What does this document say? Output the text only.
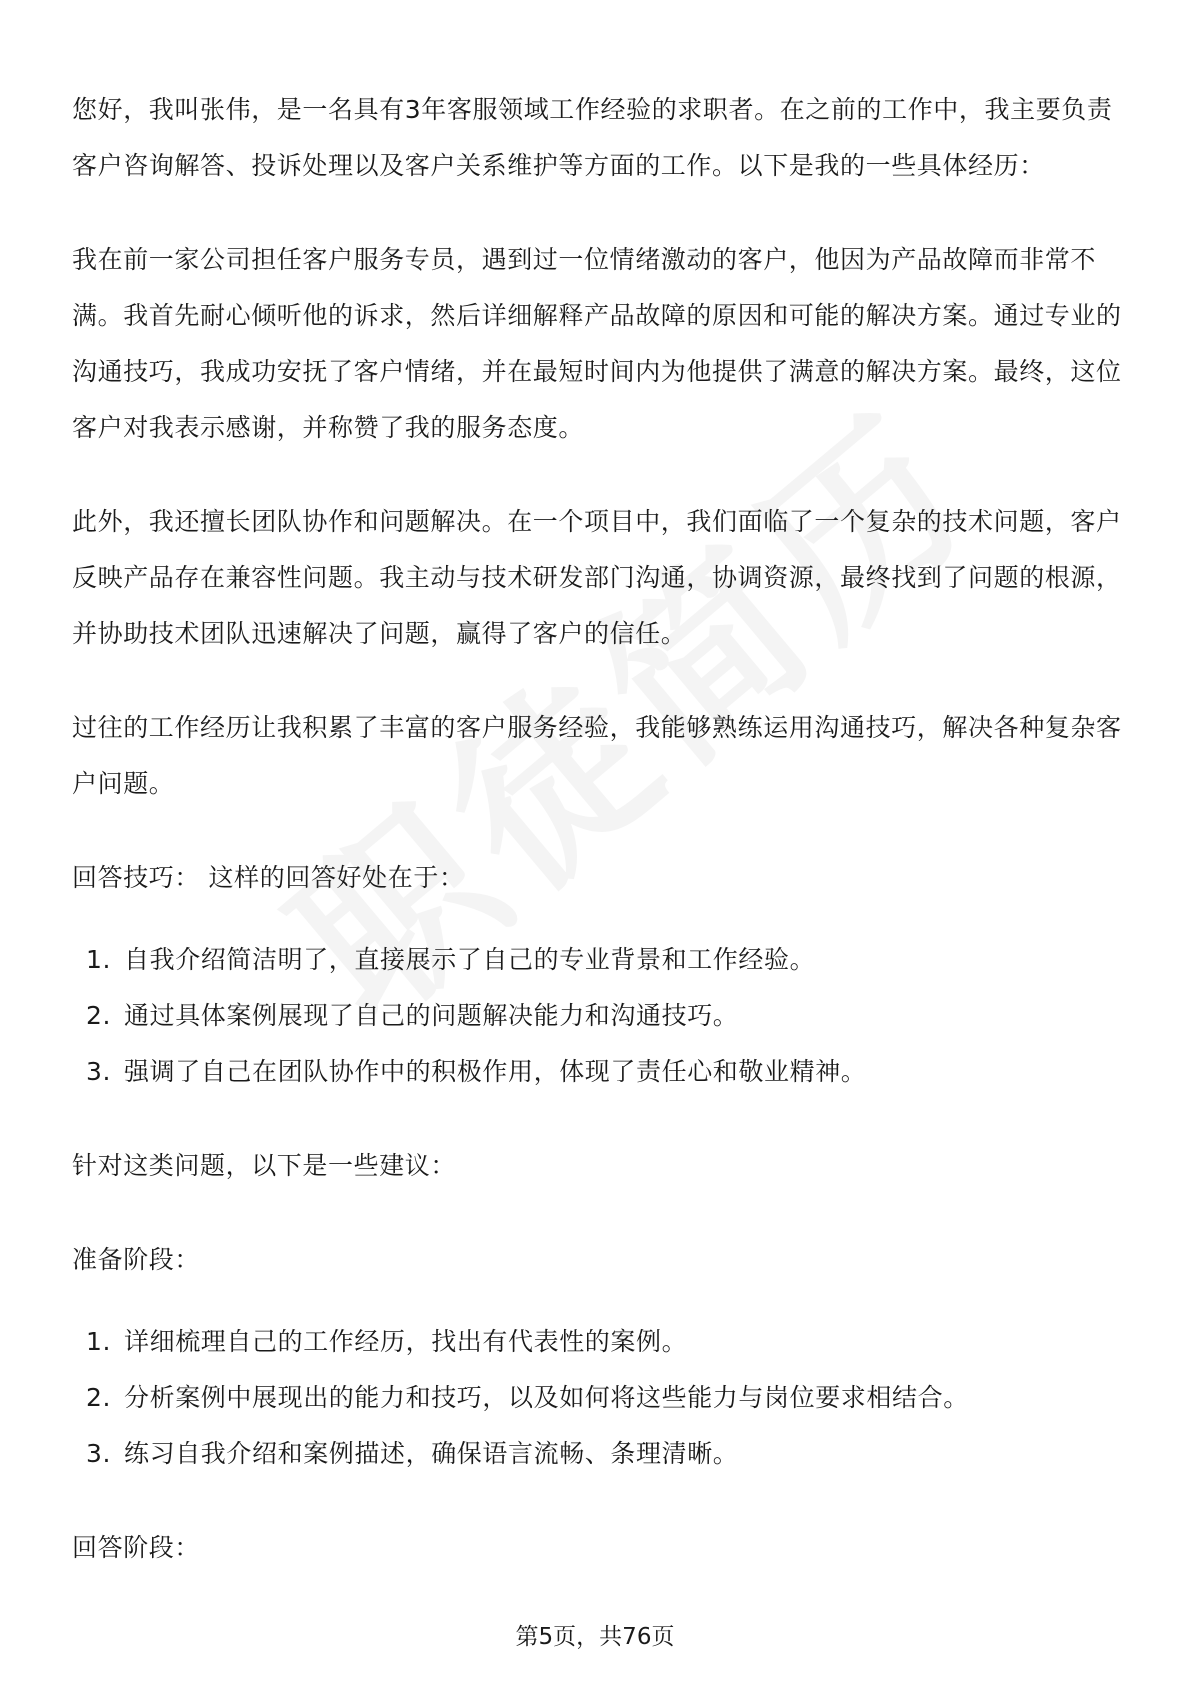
您好，我叫张伟，是一名具有3年客服领域工作经验的求职者。在之前的工作中，我主要负责客户咨询解答、投诉处理以及客户关系维护等方面的工作。以下是我的一些具体经历：

我在前一家公司担任客户服务专员，遇到过一位情绪激动的客户，他因为产品故障而非常不满。我首先耐心倾听他的诉求，然后详细解释产品故障的原因和可能的解决方案。通过专业的沟通技巧，我成功安抚了客户情绪，并在最短时间内为他提供了满意的解决方案。最终，这位客户对我表示感谢，并称赞了我的服务态度。

此外，我还擅长团队协作和问题解决。在一个项目中，我们面临了一个复杂的技术问题，客户反映产品存在兼容性问题。我主动与技术研发部门沟通，协调资源，最终找到了问题的根源，并协助技术团队迅速解决了问题，赢得了客户的信任。

过往的工作经历让我积累了丰富的客户服务经验，我能够熟练运用沟通技巧，解决各种复杂客户问题。

回答技巧： 这样的回答好处在于：

1. 自我介绍简洁明了，直接展示了自己的专业背景和工作经验。
2. 通过具体案例展现了自己的问题解决能力和沟通技巧。
3. 强调了自己在团队协作中的积极作用，体现了责任心和敬业精神。

针对这类问题，以下是一些建议：

准备阶段：

1. 详细梳理自己的工作经历，找出有代表性的案例。
2. 分析案例中展现出的能力和技巧，以及如何将这些能力与岗位要求相结合。
3. 练习自我介绍和案例描述，确保语言流畅、条理清晰。

回答阶段：

第5页，共76页
